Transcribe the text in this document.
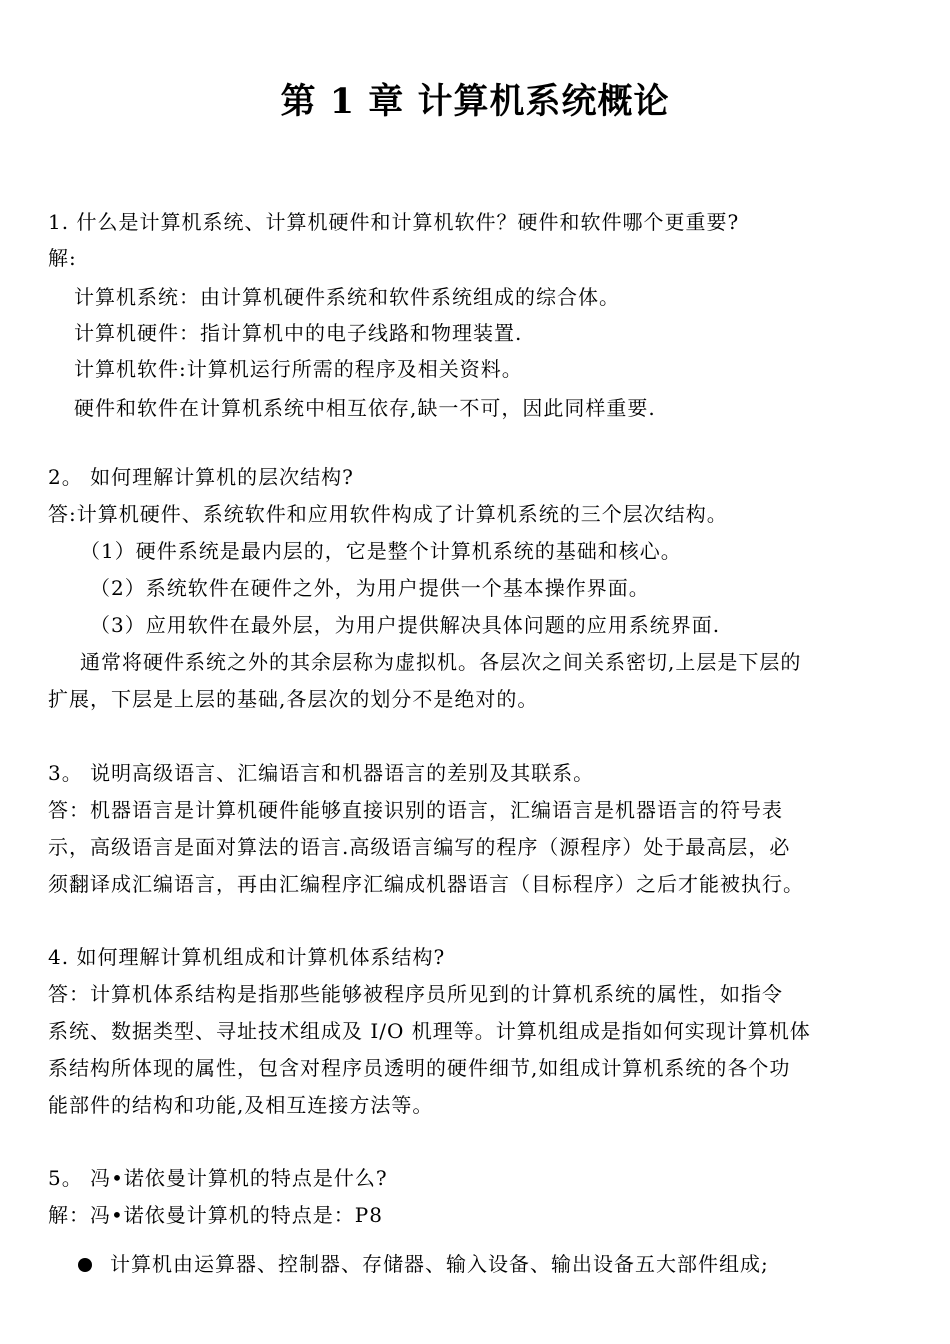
第 1 章 计算机系统概论
1. 什么是计算机系统、计算机硬件和计算机软件？硬件和软件哪个更重要?
解:
计算机系统：由计算机硬件系统和软件系统组成的综合体。
计算机硬件：指计算机中的电子线路和物理装置.
计算机软件:计算机运行所需的程序及相关资料。
硬件和软件在计算机系统中相互依存,缺一不可，因此同样重要.
2。 如何理解计算机的层次结构?
答:计算机硬件、系统软件和应用软件构成了计算机系统的三个层次结构。
（1）硬件系统是最内层的，它是整个计算机系统的基础和核心。
（2）系统软件在硬件之外，为用户提供一个基本操作界面。
（3）应用软件在最外层，为用户提供解决具体问题的应用系统界面.
通常将硬件系统之外的其余层称为虚拟机。各层次之间关系密切,上层是下层的
扩展，下层是上层的基础,各层次的划分不是绝对的。
3。 说明高级语言、汇编语言和机器语言的差别及其联系。
答：机器语言是计算机硬件能够直接识别的语言，汇编语言是机器语言的符号表
示，高级语言是面对算法的语言.高级语言编写的程序（源程序）处于最高层，必
须翻译成汇编语言，再由汇编程序汇编成机器语言（目标程序）之后才能被执行。
4. 如何理解计算机组成和计算机体系结构?
答：计算机体系结构是指那些能够被程序员所见到的计算机系统的属性，如指令
系统、数据类型、寻址技术组成及 I/O 机理等。计算机组成是指如何实现计算机体
系结构所体现的属性，包含对程序员透明的硬件细节,如组成计算机系统的各个功
能部件的结构和功能,及相互连接方法等。
5。 冯•诺依曼计算机的特点是什么?
解：冯•诺依曼计算机的特点是：P8
计算机由运算器、控制器、存储器、输入设备、输出设备五大部件组成;
